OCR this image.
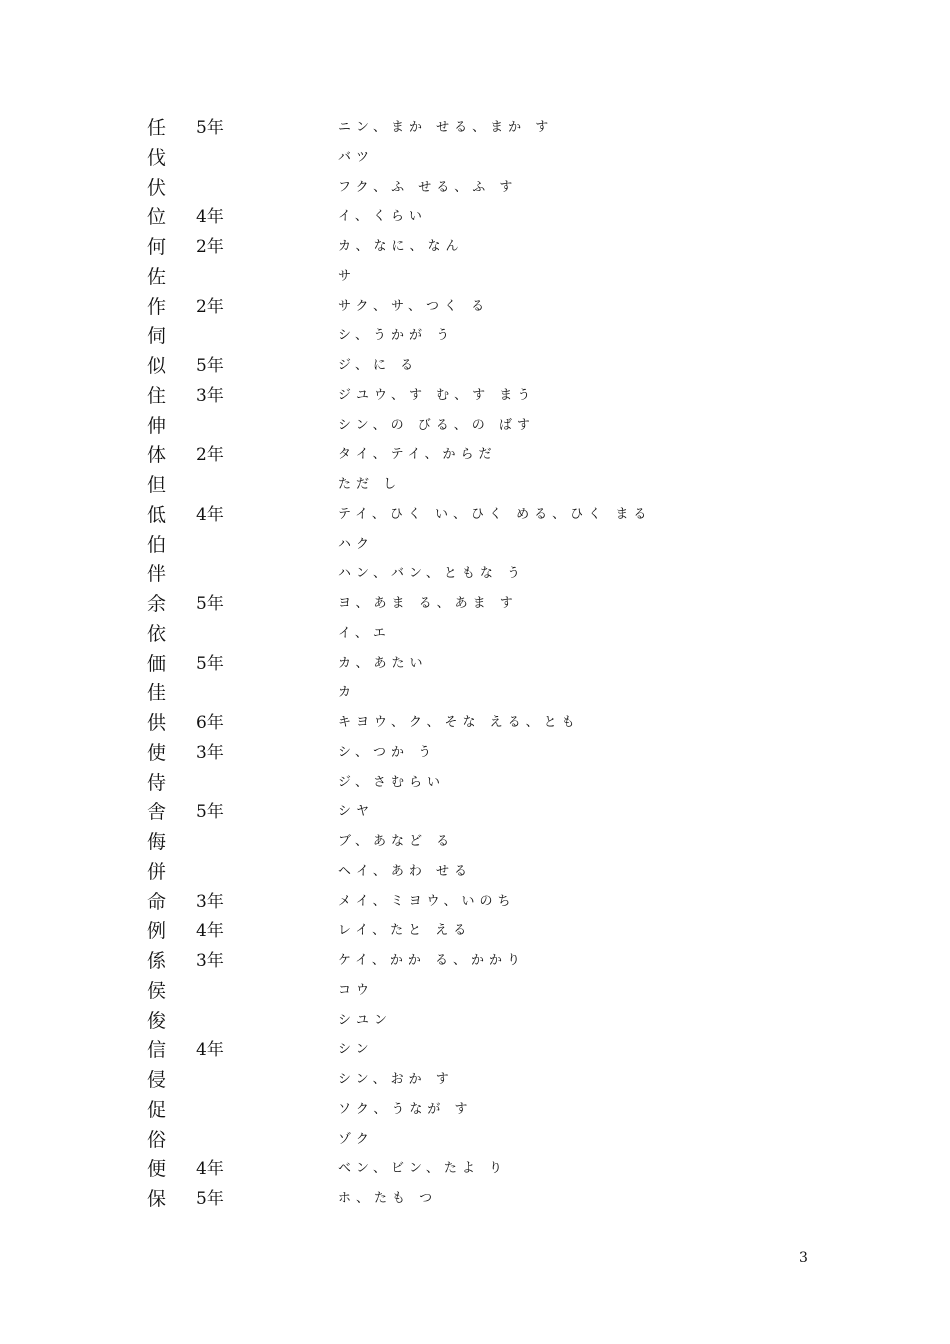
任 5年	ニン、まか せる、まか す
伐	バツ
伏	フク、ふ せる、ふ す
位 4年	イ、くらい
何 2年	カ、なに、なん
佐	サ
作 2年	サク、サ、つく る
伺	シ、うかが う
似 5年	ジ、に る
住 3年	ジユウ、す む、す まう
伸	シン、の びる、の ばす
体 2年	タイ、テイ、からだ
但	ただ し
低 4年	テイ、ひく い、ひく める、ひく まる
伯	ハク
伴	ハン、バン、ともな う
余 5年	ヨ、あま る、あま す
依	イ、エ
価 5年	カ、あたい
佳	カ
供 6年	キヨウ、ク、そな える、とも
使 3年	シ、つか う
侍	ジ、さむらい
舎 5年	シヤ
侮	ブ、あなど る
併	ヘイ、あわ せる
命 3年	メイ、ミヨウ、いのち
例 4年	レイ、たと える
係 3年	ケイ、かか る、かかり
侯	コウ
俊	シユン
信 4年	シン
侵	シン、おか す
促	ソク、うなが す
俗	ゾク
便 4年	ベン、ビン、たよ り
保 5年	ホ、たも つ
3
